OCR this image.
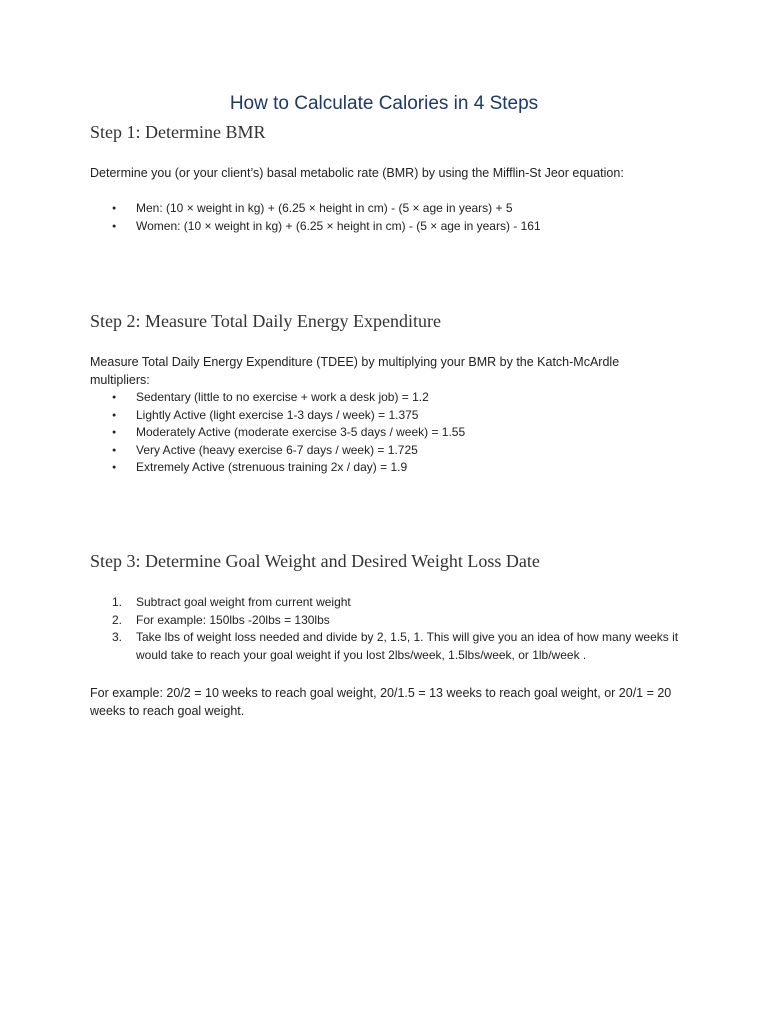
How to Calculate Calories in 4 Steps
Step 1: Determine BMR

Determine you (or your client’s) basal metabolic rate (BMR) by using the Mifflin-St Jeor equation:

● Men: (10 × weight in kg) + (6.25 × height in cm) - (5 × age in years) + 5
● Women: (10 × weight in kg) + (6.25 × height in cm) - (5 × age in years) - 161
Step 2: Measure Total Daily Energy Expenditure

Measure Total Daily Energy Expenditure (TDEE) by multiplying your BMR by the Katch-McArdle multipliers:

● Sedentary (little to no exercise + work a desk job) = 1.2
● Lightly Active (light exercise 1-3 days / week) = 1.375
● Moderately Active (moderate exercise 3-5 days / week) = 1.55
● Very Active (heavy exercise 6-7 days / week) = 1.725
● Extremely Active (strenuous training 2x / day) = 1.9
Step 3: Determine Goal Weight and Desired Weight Loss Date
1. Subtract goal weight from current weight
2. For example: 150lbs -20lbs = 130lbs
3. Take lbs of weight loss needed and divide by 2, 1.5, 1. This will give you an idea of how many weeks it would take to reach your goal weight if you lost 2lbs/week, 1.5lbs/week, or 1lb/week .

For example: 20/2 = 10 weeks to reach goal weight, 20/1.5 = 13 weeks to reach goal weight, or 20/1 = 20 weeks to reach goal weight.
